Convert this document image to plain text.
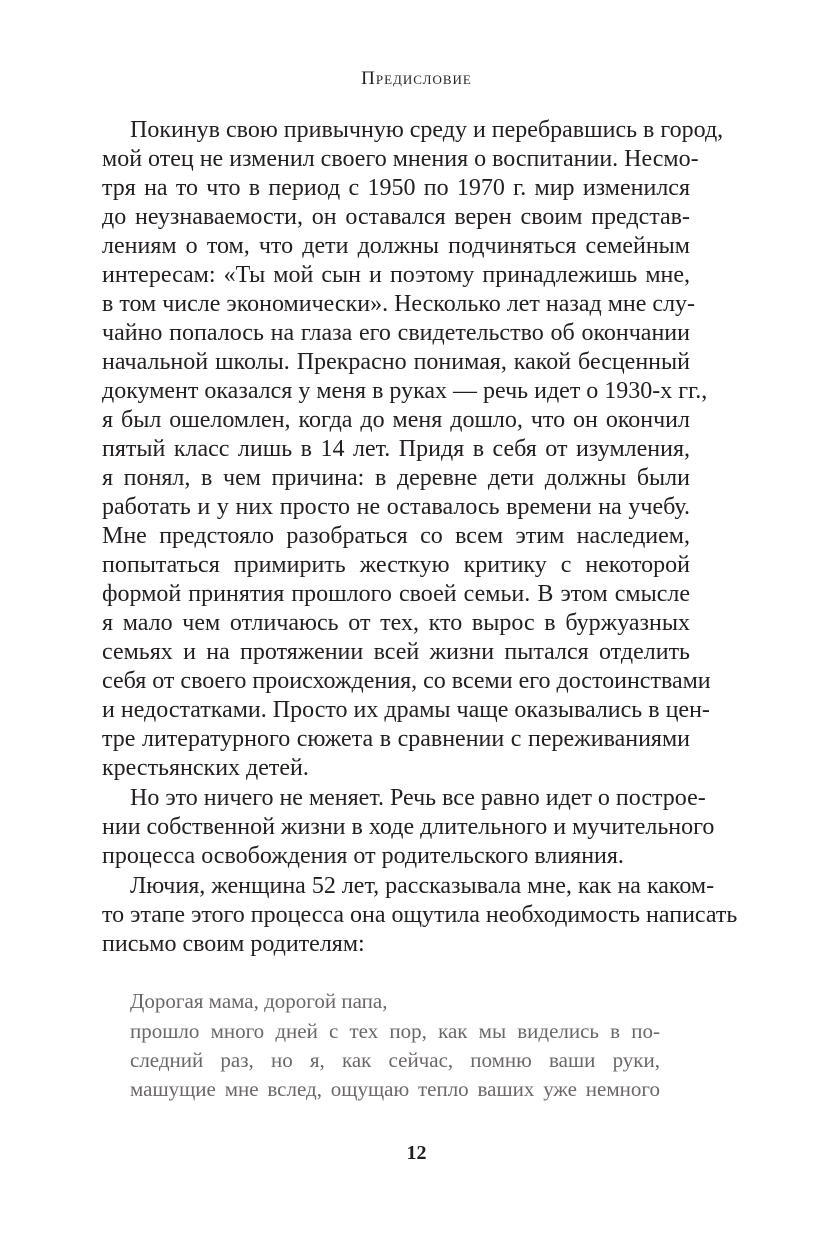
Предисловие
Покинув свою привычную среду и перебравшись в город,
мой отец не изменил своего мнения о воспитании. Несмо-
тря на то что в период с 1950 по 1970 г. мир изменился
до неузнаваемости, он оставался верен своим представ-
лениям о том, что дети должны подчиняться семейным
интересам: «Ты мой сын и поэтому принадлежишь мне,
в том числе экономически». Несколько лет назад мне слу-
чайно попалось на глаза его свидетельство об окончании
начальной школы. Прекрасно понимая, какой бесценный
документ оказался у меня в руках — речь идет о 1930-х гг.,
я был ошеломлен, когда до меня дошло, что он окончил
пятый класс лишь в 14 лет. Придя в себя от изумления,
я понял, в чем причина: в деревне дети должны были
работать и у них просто не оставалось времени на учебу.
Мне предстояло разобраться со всем этим наследием,
попытаться примирить жесткую критику с некоторой
формой принятия прошлого своей семьи. В этом смысле
я мало чем отличаюсь от тех, кто вырос в буржуазных
семьях и на протяжении всей жизни пытался отделить
себя от своего происхождения, со всеми его достоинствами
и недостатками. Просто их драмы чаще оказывались в цен-
тре литературного сюжета в сравнении с переживаниями
крестьянских детей.
Но это ничего не меняет. Речь все равно идет о построе-
нии собственной жизни в ходе длительного и мучительного
процесса освобождения от родительского влияния.
Лючия, женщина 52 лет, рассказывала мне, как на каком-
то этапе этого процесса она ощутила необходимость написать
письмо своим родителям:
Дорогая мама, дорогой папа,
прошло много дней с тех пор, как мы виделись в по-
следний раз, но я, как сейчас, помню ваши руки,
машущие мне вслед, ощущаю тепло ваших уже немного
12
